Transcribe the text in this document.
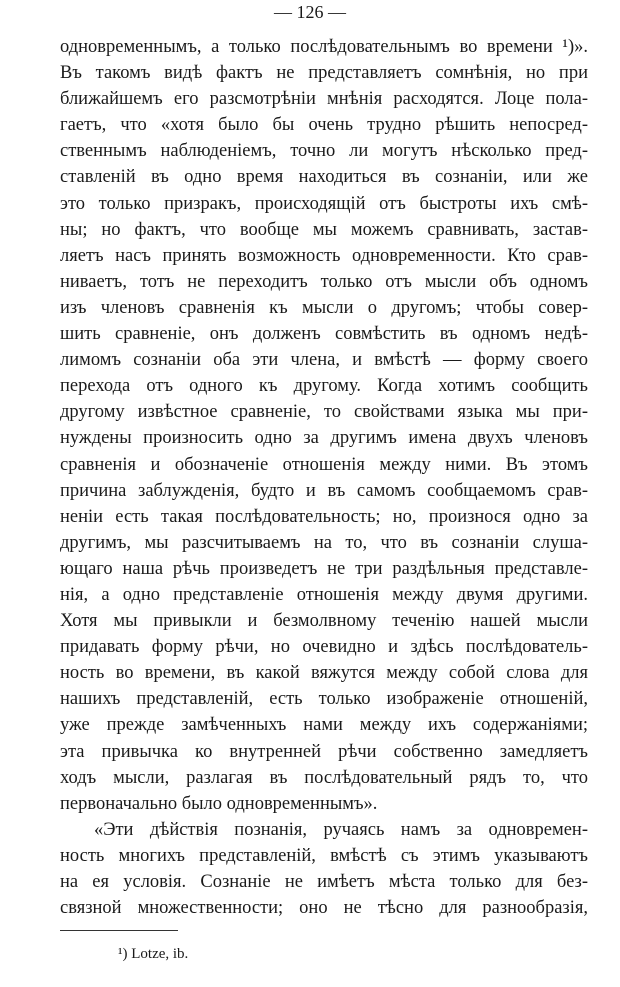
— 126 —
одновременнымъ, а только послѣдовательнымъ во времени ¹)».
Въ такомъ видѣ фактъ не представляетъ сомнѣнія, но при
ближайшемъ его разсмотрѣніи мнѣнія расходятся. Лоце пола-
гаетъ, что «хотя было бы очень трудно рѣшить непосред-
ственнымъ наблюденіемъ, точно ли могутъ нѣсколько пред-
ставленій въ одно время находиться въ сознаніи, или же
это только призракъ, происходящій отъ быстроты ихъ смѣ-
ны; но фактъ, что вообще мы можемъ сравнивать, застав-
ляетъ насъ принять возможность одновременности. Кто срав-
ниваетъ, тотъ не переходитъ только отъ мысли объ одномъ
изъ членовъ сравненія къ мысли о другомъ; чтобы совер-
шить сравненіе, онъ долженъ совмѣстить въ одномъ недѣ-
лимомъ сознаніи оба эти члена, и вмѣстѣ — форму своего
перехода отъ одного къ другому. Когда хотимъ сообщить
другому извѣстное сравненіе, то свойствами языка мы при-
нуждены произносить одно за другимъ имена двухъ членовъ
сравненія и обозначеніе отношенія между ними. Въ этомъ
причина заблужденія, будто и въ самомъ сообщаемомъ срав-
неніи есть такая послѣдовательность; но, произнося одно за
другимъ, мы разсчитываемъ на то, что въ сознаніи слуша-
ющаго наша рѣчь произведетъ не три раздѣльныя представле-
нія, а одно представленіе отношенія между двумя другими.
Хотя мы привыкли и безмолвному теченію нашей мысли
придавать форму рѣчи, но очевидно и здѣсь послѣдователь-
ность во времени, въ какой вяжутся между собой слова для
нашихъ представленій, есть только изображеніе отношеній,
уже прежде замѣченныхъ нами между ихъ содержаніями;
эта привычка ко внутренней рѣчи собственно замедляетъ
ходъ мысли, разлагая въ послѣдовательный рядъ то, что
первоначально было одновременнымъ».
«Эти дѣйствія познанія, ручаясь намъ за одновремен-
ность многихъ представленій, вмѣстѣ съ этимъ указываютъ
на ея условія. Сознаніе не имѣетъ мѣста только для без-
связной множественности; оно не тѣсно для разнообразія,
¹) Lotze, ib.
